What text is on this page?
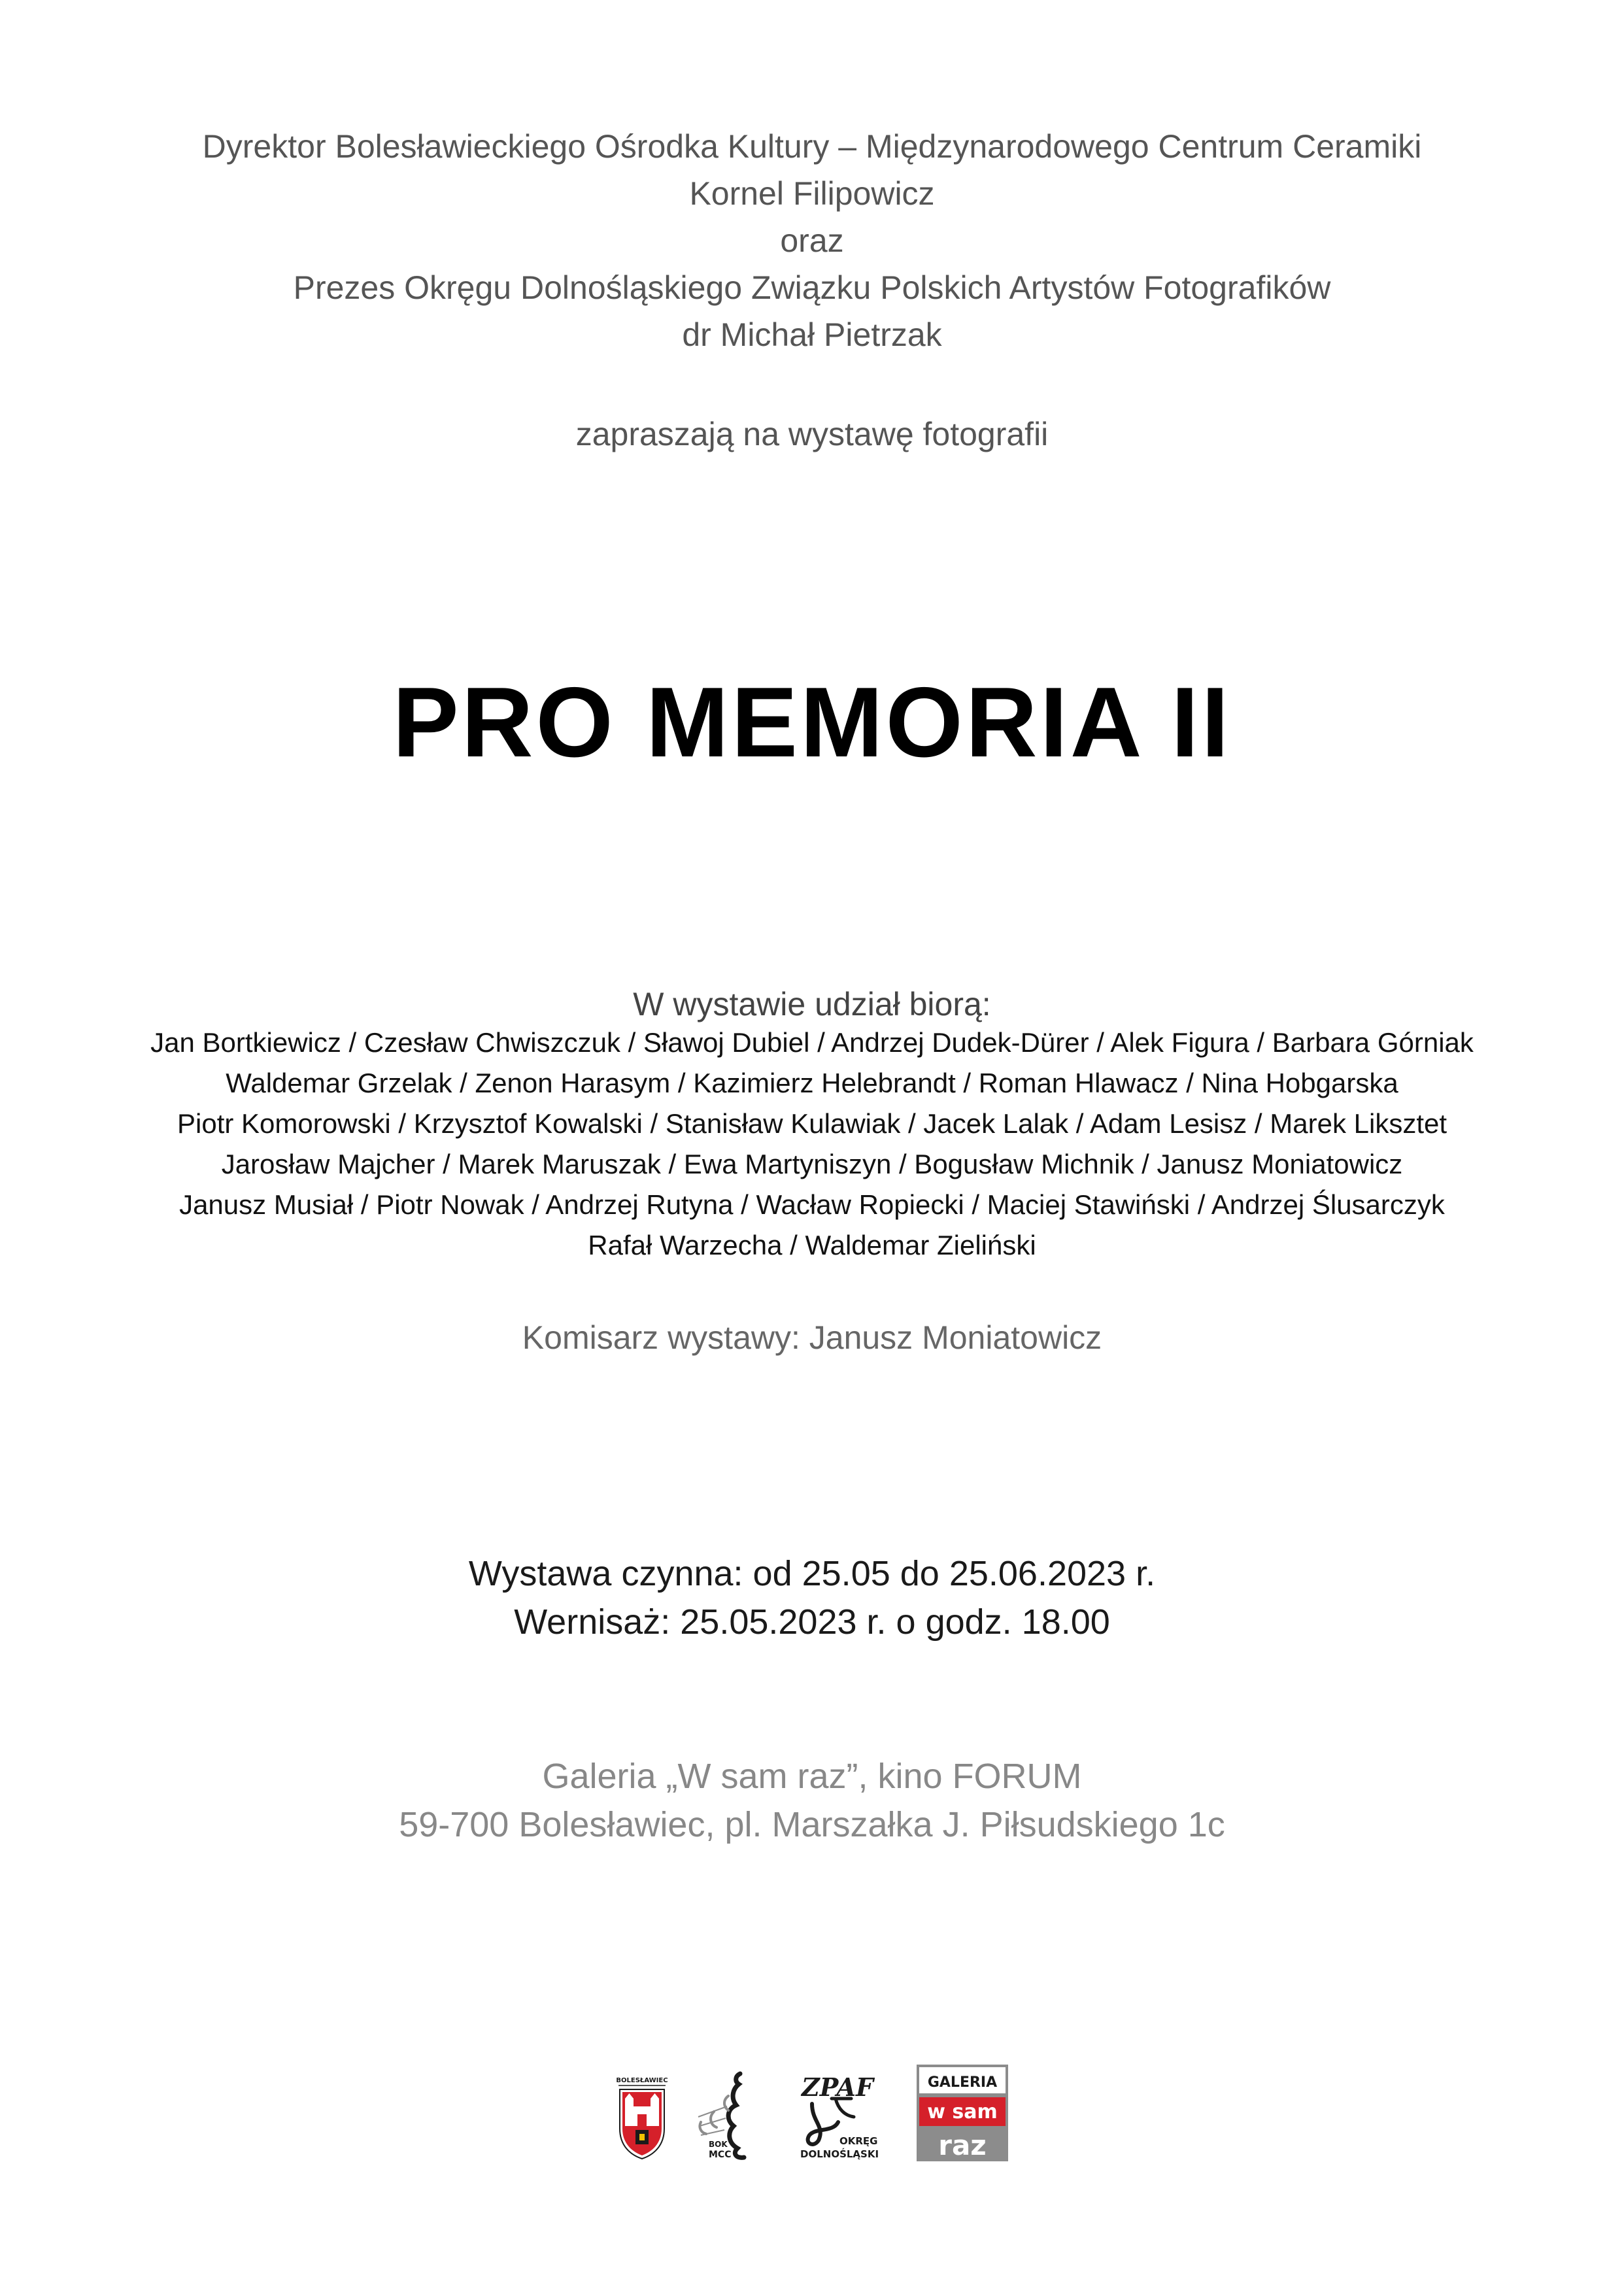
Dyrektor Bolesławieckiego Ośrodka Kultury – Międzynarodowego Centrum Ceramiki
Kornel Filipowicz
oraz
Prezes Okręgu Dolnośląskiego Związku Polskich Artystów Fotografików
dr Michał Pietrzak
zapraszają na wystawę fotografii
PRO MEMORIA II
W wystawie udział biorą:
Jan Bortkiewicz / Czesław Chwiszczuk / Sławoj Dubiel / Andrzej Dudek-Dürer / Alek Figura / Barbara Górniak
Waldemar Grzelak / Zenon Harasym / Kazimierz Helebrandt / Roman Hlawacz / Nina Hobgarska
Piotr Komorowski / Krzysztof Kowalski / Stanisław Kulawiak / Jacek Lalak / Adam Lesisz / Marek Liksztet
Jarosław Majcher / Marek Maruszak / Ewa Martyniszyn / Bogusław Michnik / Janusz Moniatowicz
Janusz Musiał / Piotr Nowak / Andrzej Rutyna / Wacław Ropiecki / Maciej Stawiński / Andrzej Ślusarczyk
Rafał Warzecha / Waldemar Zieliński
Komisarz wystawy: Janusz Moniatowicz
Wystawa czynna: od 25.05 do 25.06.2023 r.
Wernisaż: 25.05.2023 r. o godz. 18.00
Galeria „W sam raz”, kino FORUM
59-700 Bolesławiec, pl. Marszałka J. Piłsudskiego 1c
BOLESŁAWIEC
BOK
MCC
ZPAF
OKRĘG
DOLNOŚLĄSKI
GALERIA
w sam
raz
